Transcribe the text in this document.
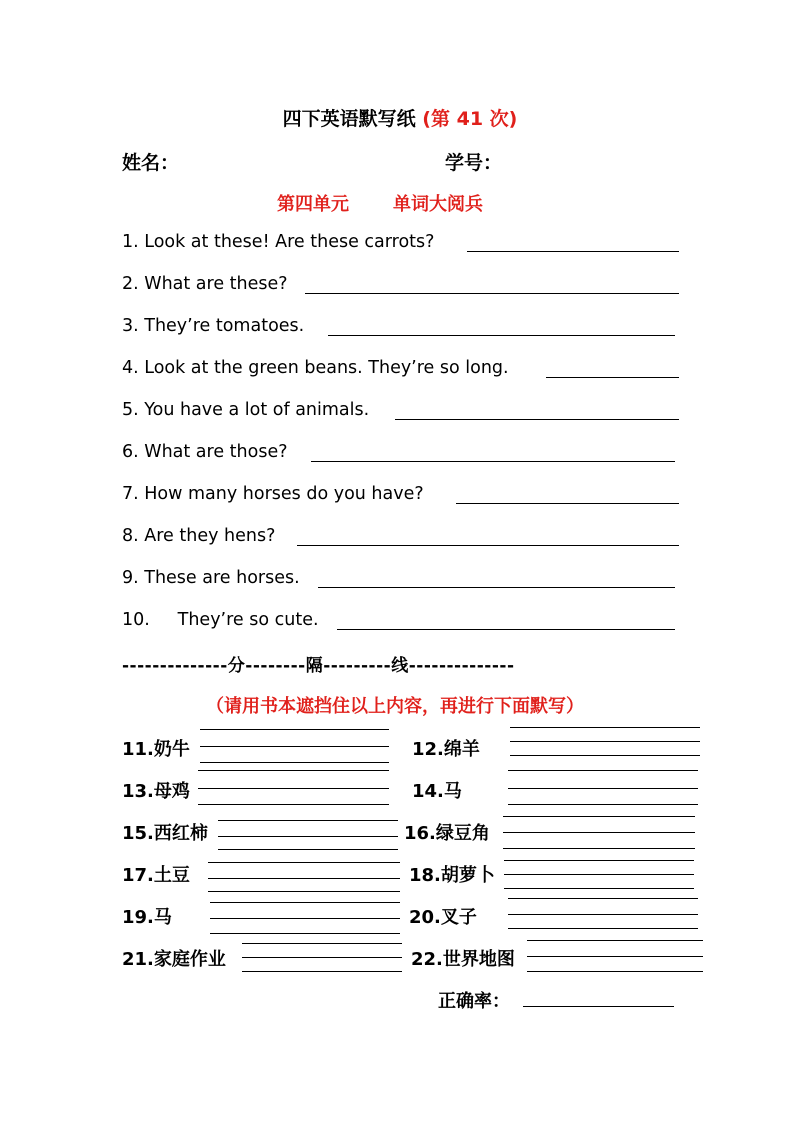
四下英语默写纸 (第 41 次)
姓名：	学号：
第四单元 单词大阅兵
1. Look at these! Are these carrots?
2. What are these?
3. They’re tomatoes.
4. Look at the green beans. They’re so long.
5. You have a lot of animals.
6. What are those?
7. How many horses do you have?
8. Are they hens?
9. These are horses.
10.     They’re so cute.
--------------分--------隔---------线--------------
（请用书本遮挡住以上内容，再进行下面默写）
11.奶牛	12.绵羊
13.母鸡	14.马
15.西红柿	16.绿豆角
17.土豆	18.胡萝卜
19.马	20.叉子
21.家庭作业	22.世界地图
正确率：
